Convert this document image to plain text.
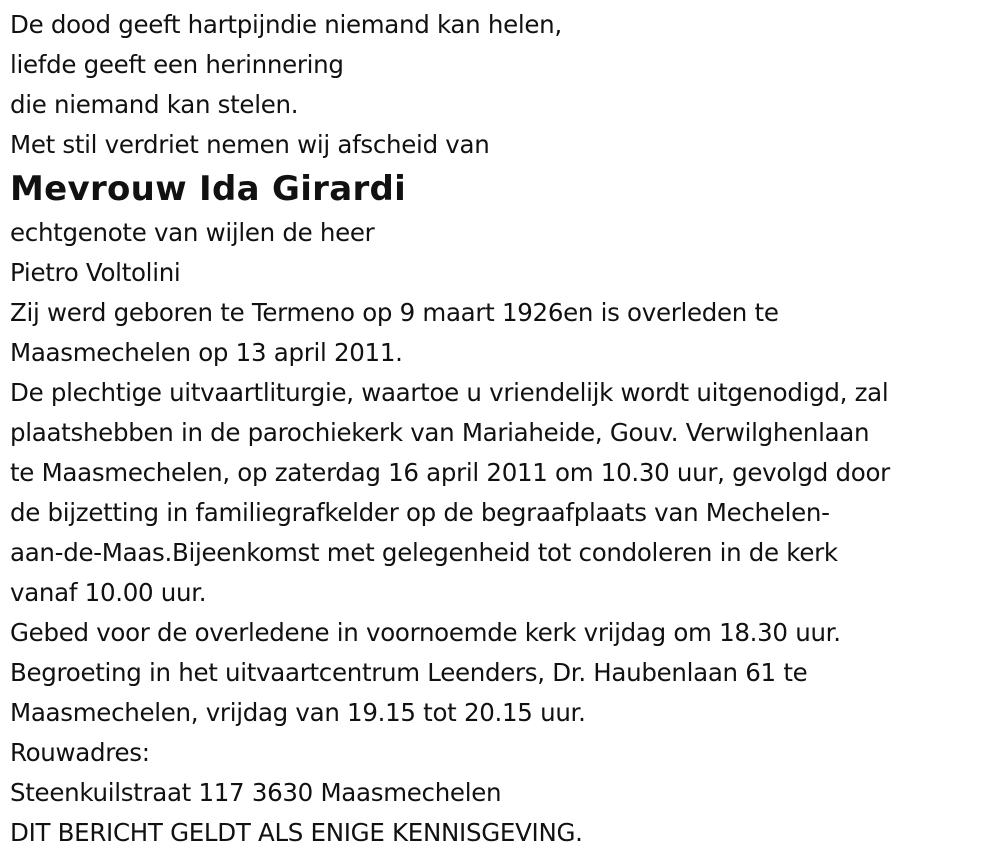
De dood geeft hartpijndie niemand kan helen,
liefde geeft een herinnering
die niemand kan stelen.
Met stil verdriet nemen wij afscheid van
Mevrouw Ida Girardi
echtgenote van wijlen de heer
Pietro Voltolini
Zij werd geboren te Termeno op 9 maart 1926en is overleden te
Maasmechelen op 13 april 2011.
De plechtige uitvaartliturgie, waartoe u vriendelijk wordt uitgenodigd, zal
plaatshebben in de parochiekerk van Mariaheide, Gouv. Verwilghenlaan
te Maasmechelen, op zaterdag 16 april 2011 om 10.30 uur, gevolgd door
de bijzetting in familiegrafkelder op de begraafplaats van Mechelen-
aan-de-Maas.Bijeenkomst met gelegenheid tot condoleren in de kerk
vanaf 10.00 uur.
Gebed voor de overledene in voornoemde kerk vrijdag om 18.30 uur.
Begroeting in het uitvaartcentrum Leenders, Dr. Haubenlaan 61 te
Maasmechelen, vrijdag van 19.15 tot 20.15 uur.
Rouwadres:
Steenkuilstraat 117 3630 Maasmechelen
DIT BERICHT GELDT ALS ENIGE KENNISGEVING.
